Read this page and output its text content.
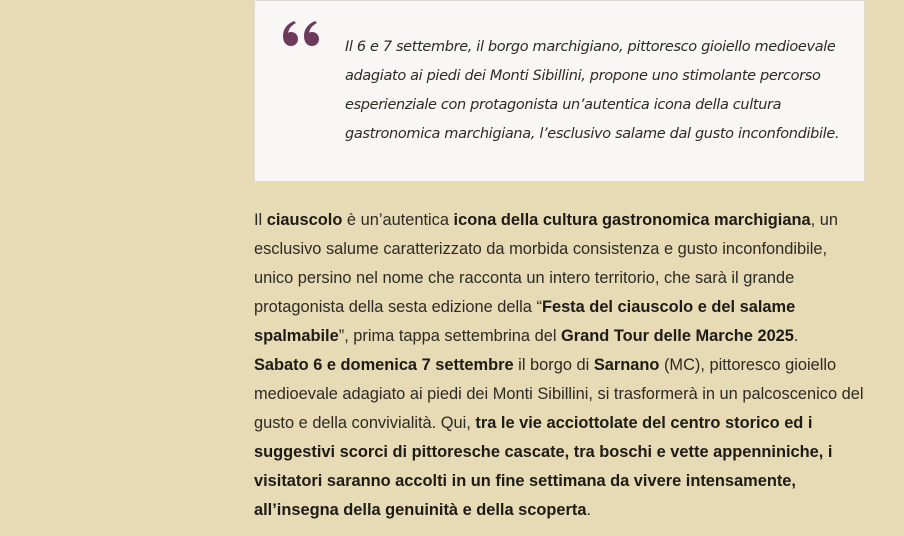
Il 6 e 7 settembre, il borgo marchigiano, pittoresco gioiello medioevale adagiato ai piedi dei Monti Sibillini, propone uno stimolante percorso esperienziale con protagonista un’autentica icona della cultura gastronomica marchigiana, l’esclusivo salame dal gusto inconfondibile.

Il ciauscolo è un’autentica icona della cultura gastronomica marchigiana, un esclusivo salume caratterizzato da morbida consistenza e gusto inconfondibile, unico persino nel nome che racconta un intero territorio, che sarà il grande protagonista della sesta edizione della “Festa del ciauscolo e del salame spalmabile”, prima tappa settembrina del Grand Tour delle Marche 2025.
Sabato 6 e domenica 7 settembre il borgo di Sarnano (MC), pittoresco gioiello medioevale adagiato ai piedi dei Monti Sibillini, si trasformerà in un palcoscenico del gusto e della convivialità. Qui, tra le vie acciottolate del centro storico ed i suggestivi scorci di pittoresche cascate, tra boschi e vette appenniniche, i visitatori saranno accolti in un fine settimana da vivere intensamente, all’insegna della genuinità e della scoperta.
